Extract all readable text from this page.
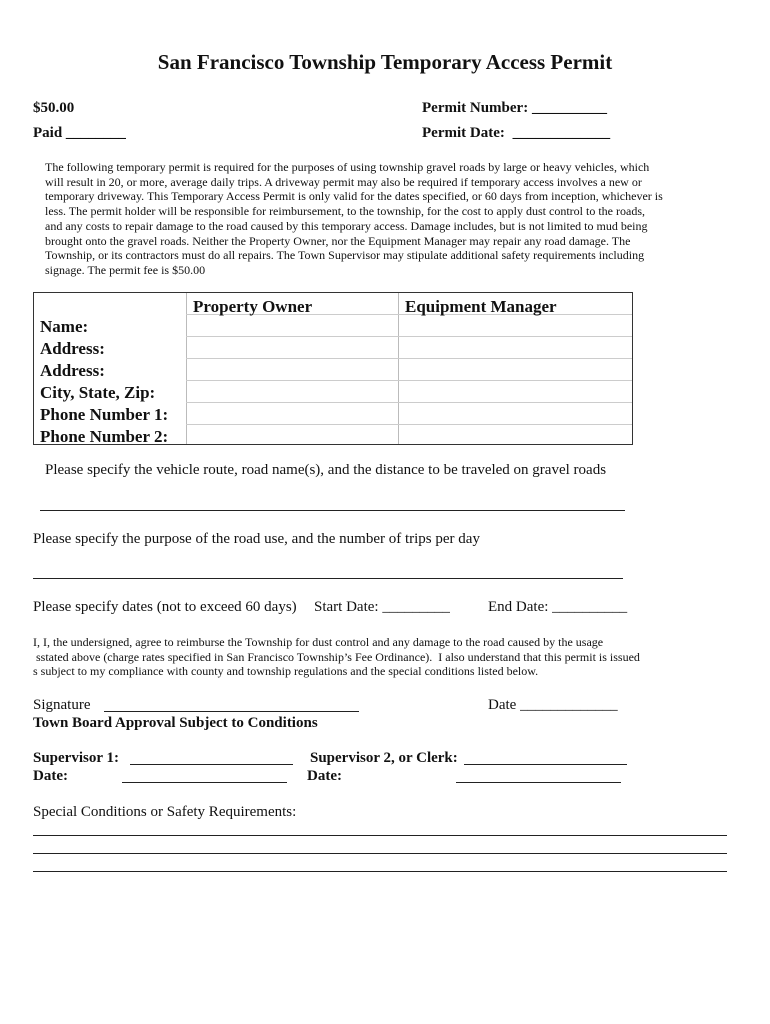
San Francisco Township Temporary Access Permit
$50.00	Permit Number: __________
Paid ________	Permit Date: _____________
The following temporary permit is required for the purposes of using township gravel roads by large or heavy vehicles, which
will result in 20, or more, average daily trips. A driveway permit may also be required if temporary access involves a new or
temporary driveway. This Temporary Access Permit is only valid for the dates specified, or 60 days from inception, whichever is
less. The permit holder will be responsible for reimbursement, to the township, for the cost to apply dust control to the roads,
and any costs to repair damage to the road caused by this temporary access. Damage includes, but is not limited to mud being
brought onto the gravel roads. Neither the Property Owner, nor the Equipment Manager may repair any road damage. The
Township, or its contractors must do all repairs. The Town Supervisor may stipulate additional safety requirements including
signage. The permit fee is $50.00
Property Owner	Equipment Manager
Name:
Address:
Address:
City, State, Zip:
Phone Number 1:
Phone Number 2:
Please specify the vehicle route, road name(s), and the distance to be traveled on gravel roads
Please specify the purpose of the road use, and the number of trips per day
Please specify dates (not to exceed 60 days) Start Date: _________	End Date: __________
I, I, the undersigned, agree to reimburse the Township for dust control and any damage to the road caused by the usage
sstated above (charge rates specified in San Francisco Township’s Fee Ordinance).  I also understand that this permit is issued
s subject to my compliance with county and township regulations and the special conditions listed below.
Signature	Date _____________
Town Board Approval Subject to Conditions
Supervisor 1:	Supervisor 2, or Clerk:
Date:	Date:
Special Conditions or Safety Requirements:
